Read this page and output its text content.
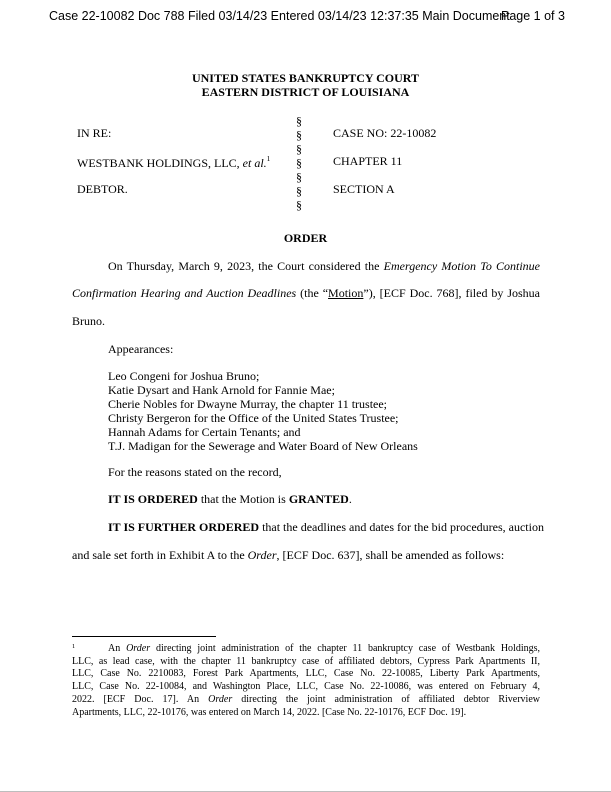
Case 22-10082 Doc 788 Filed 03/14/23 Entered 03/14/23 12:37:35 Main Document
Page 1 of 3
UNITED STATES BANKRUPTCY COURT
EASTERN DISTRICT OF LOUISIANA
IN RE:
WESTBANK HOLDINGS, LLC, et al.$^1$
DEBTOR.
§
§
§
§
§
§
§
CASE NO: 22-10082
CHAPTER 11
SECTION A
ORDER
On Thursday, March 9, 2023, the Court considered the Emergency Motion To Continue
Confirmation Hearing and Auction Deadlines (the “Motion”), [ECF Doc. 768], filed by Joshua
Bruno.
Appearances:
Leo Congeni for Joshua Bruno;
Katie Dysart and Hank Arnold for Fannie Mae;
Cherie Nobles for Dwayne Murray, the chapter 11 trustee;
Christy Bergeron for the Office of the United States Trustee;
Hannah Adams for Certain Tenants; and
T.J. Madigan for the Sewerage and Water Board of New Orleans
For the reasons stated on the record,
IT IS ORDERED that the Motion is GRANTED.
IT IS FURTHER ORDERED that the deadlines and dates for the bid procedures, auction
and sale set forth in Exhibit A to the Order, [ECF Doc. 637], shall be amended as follows:
An Order directing joint administration of the chapter 11 bankruptcy case of Westbank Holdings,
$^1$
LLC, as lead case, with the chapter 11 bankruptcy case of affiliated debtors, Cypress Park Apartments II,
LLC, Case No. 2210083, Forest Park Apartments, LLC, Case No. 22-10085, Liberty Park Apartments,
LLC, Case No. 22-10084, and Washington Place, LLC, Case No. 22-10086, was entered on February 4,
2022. [ECF Doc. 17]. An Order directing the joint administration of affiliated debtor Riverview
Apartments, LLC, 22-10176, was entered on March 14, 2022. [Case No. 22-10176, ECF Doc. 19].
